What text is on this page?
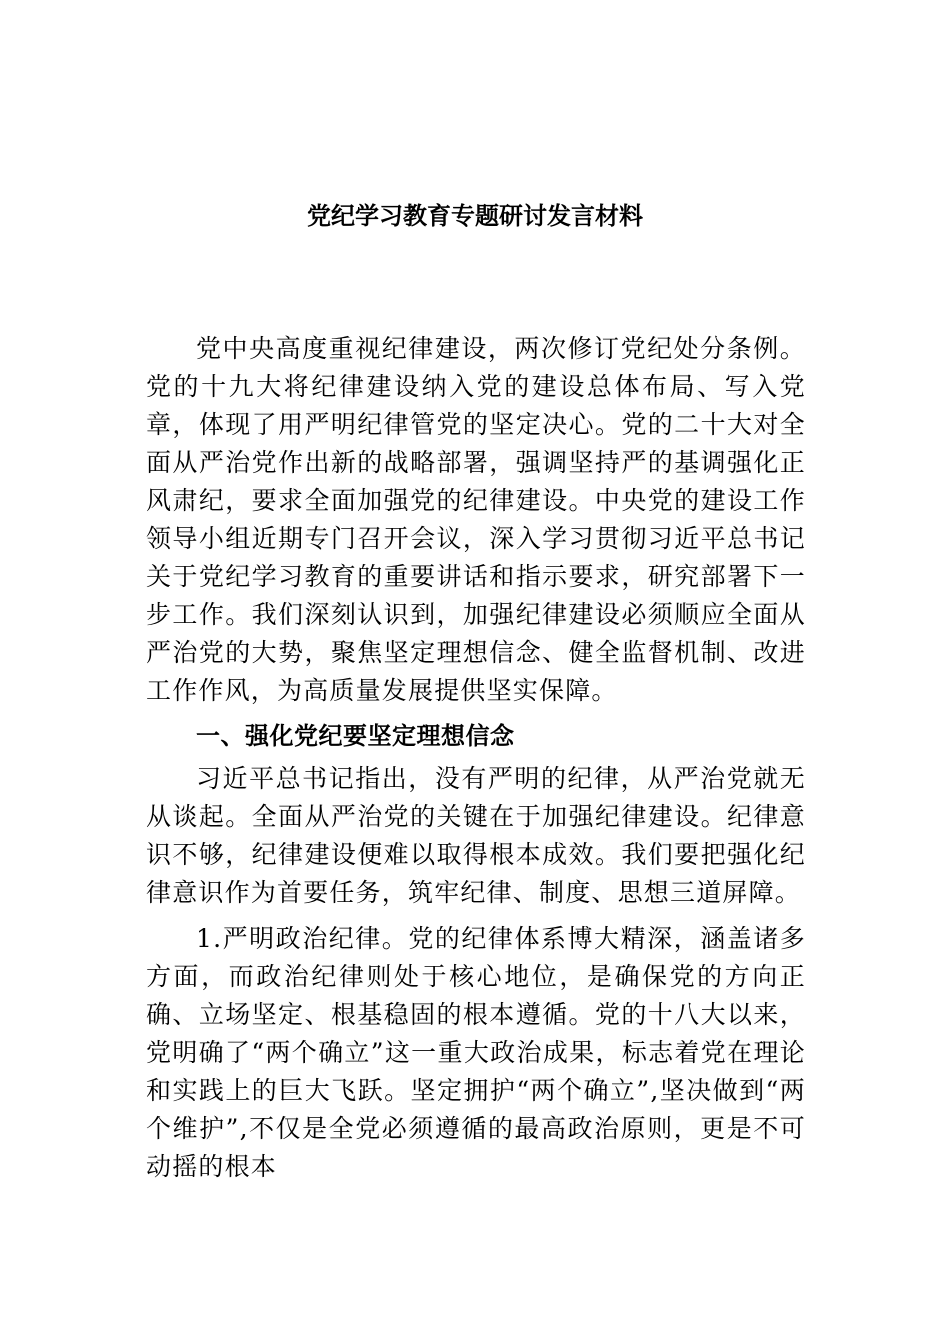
党纪学习教育专题研讨发言材料

党中央高度重视纪律建设，两次修订党纪处分条例。党的十九大将纪律建设纳入党的建设总体布局、写入党章，体现了用严明纪律管党的坚定决心。党的二十大对全面从严治党作出新的战略部署，强调坚持严的基调强化正风肃纪，要求全面加强党的纪律建设。中央党的建设工作领导小组近期专门召开会议，深入学习贯彻习近平总书记关于党纪学习教育的重要讲话和指示要求，研究部署下一步工作。我们深刻认识到，加强纪律建设必须顺应全面从严治党的大势，聚焦坚定理想信念、健全监督机制、改进工作作风，为高质量发展提供坚实保障。

一、强化党纪要坚定理想信念

习近平总书记指出，没有严明的纪律，从严治党就无从谈起。全面从严治党的关键在于加强纪律建设。纪律意识不够，纪律建设便难以取得根本成效。我们要把强化纪律意识作为首要任务，筑牢纪律、制度、思想三道屏障。

1.严明政治纪律。党的纪律体系博大精深，涵盖诸多方面，而政治纪律则处于核心地位，是确保党的方向正确、立场坚定、根基稳固的根本遵循。党的十八大以来，党明确了“两个确立”这一重大政治成果，标志着党在理论和实践上的巨大飞跃。坚定拥护“两个确立”,坚决做到“两个维护”,不仅是全党必须遵循的最高政治原则，更是不可动摇的根本
